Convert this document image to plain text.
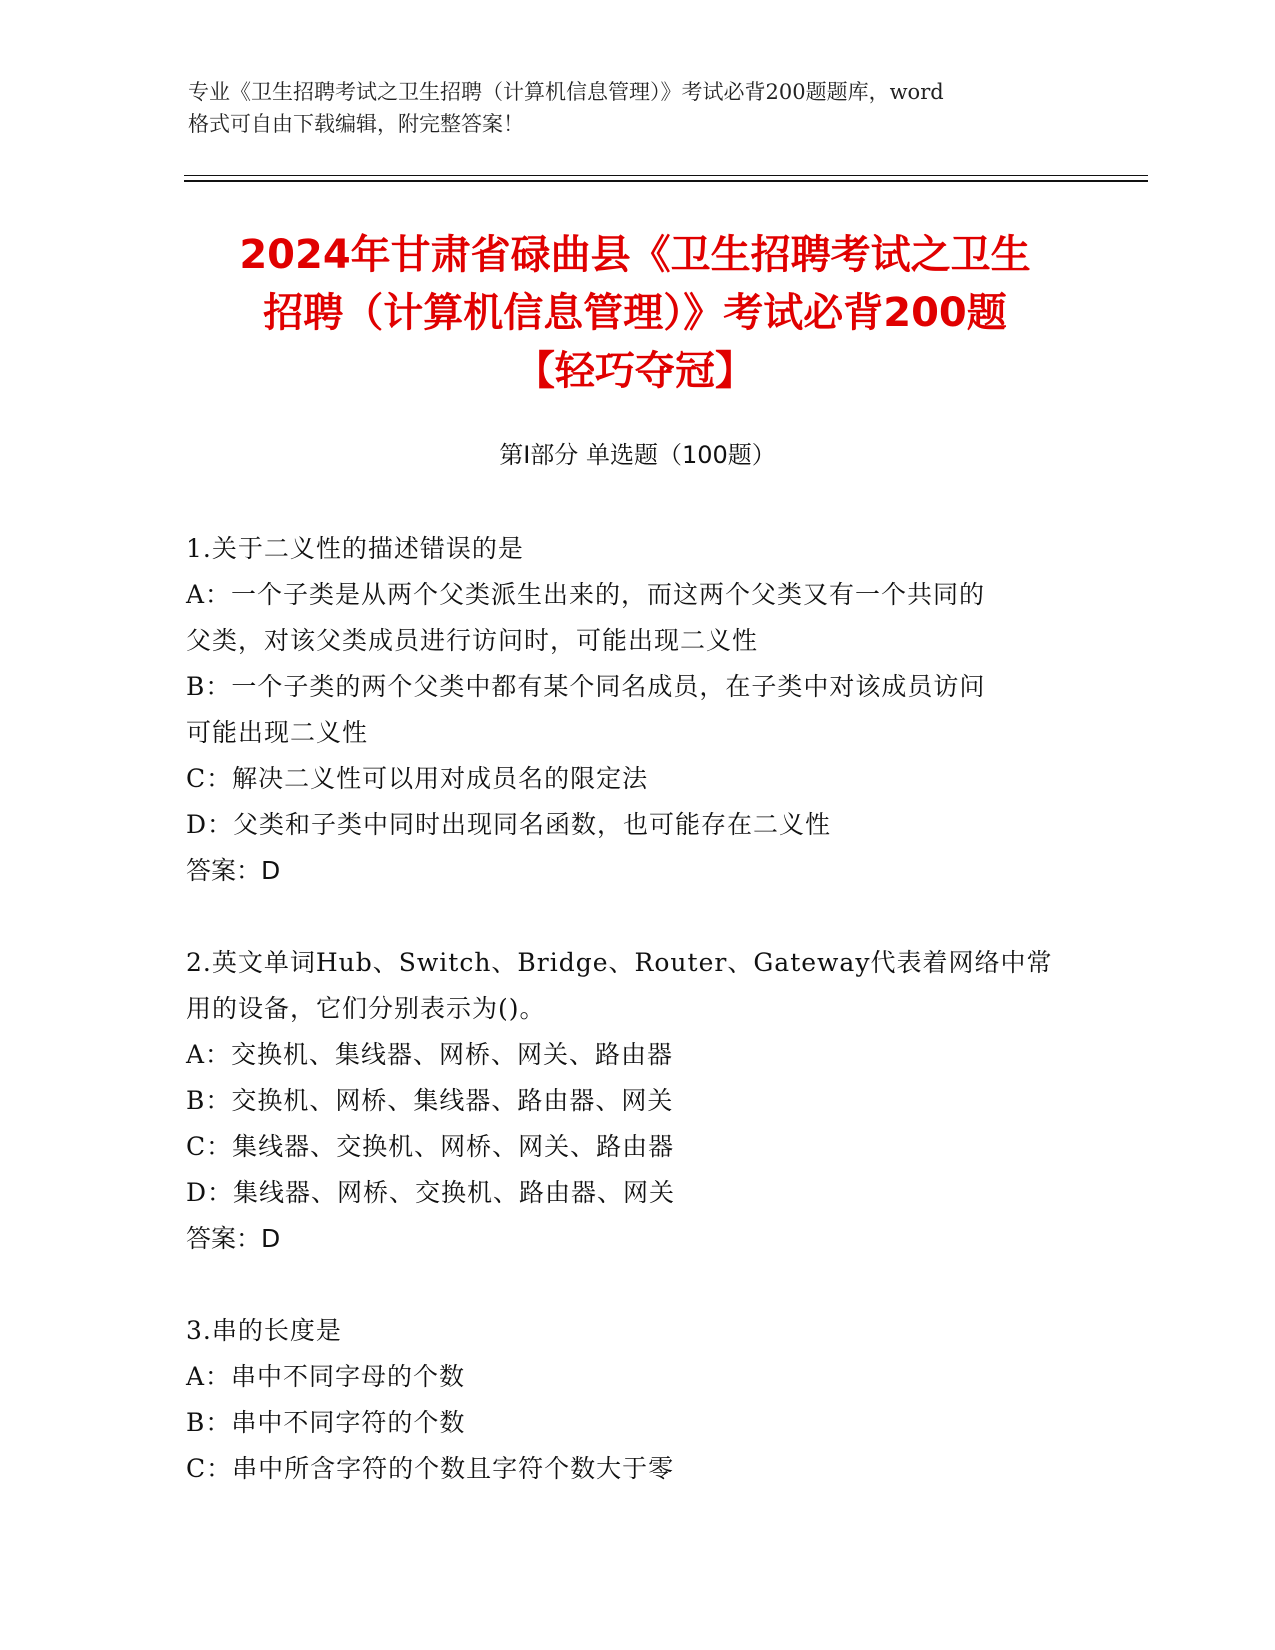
专业《卫生招聘考试之卫生招聘（计算机信息管理）》考试必背200题题库，word
格式可自由下载编辑，附完整答案！
2024年甘肃省碌曲县《卫生招聘考试之卫生
招聘（计算机信息管理）》考试必背200题
【轻巧夺冠】
第Ⅰ部分 单选题（100题）
1.关于二义性的描述错误的是
A：一个子类是从两个父类派生出来的，而这两个父类又有一个共同的
父类，对该父类成员进行访问时，可能出现二义性
B：一个子类的两个父类中都有某个同名成员，在子类中对该成员访问
可能出现二义性
C：解决二义性可以用对成员名的限定法
D：父类和子类中同时出现同名函数，也可能存在二义性
答案：D
2.英文单词Hub、Switch、Bridge、Router、Gateway代表着网络中常
用的设备，它们分别表示为()。
A：交换机、集线器、网桥、网关、路由器
B：交换机、网桥、集线器、路由器、网关
C：集线器、交换机、网桥、网关、路由器
D：集线器、网桥、交换机、路由器、网关
答案：D
3.串的长度是
A：串中不同字母的个数
B：串中不同字符的个数
C：串中所含字符的个数且字符个数大于零
